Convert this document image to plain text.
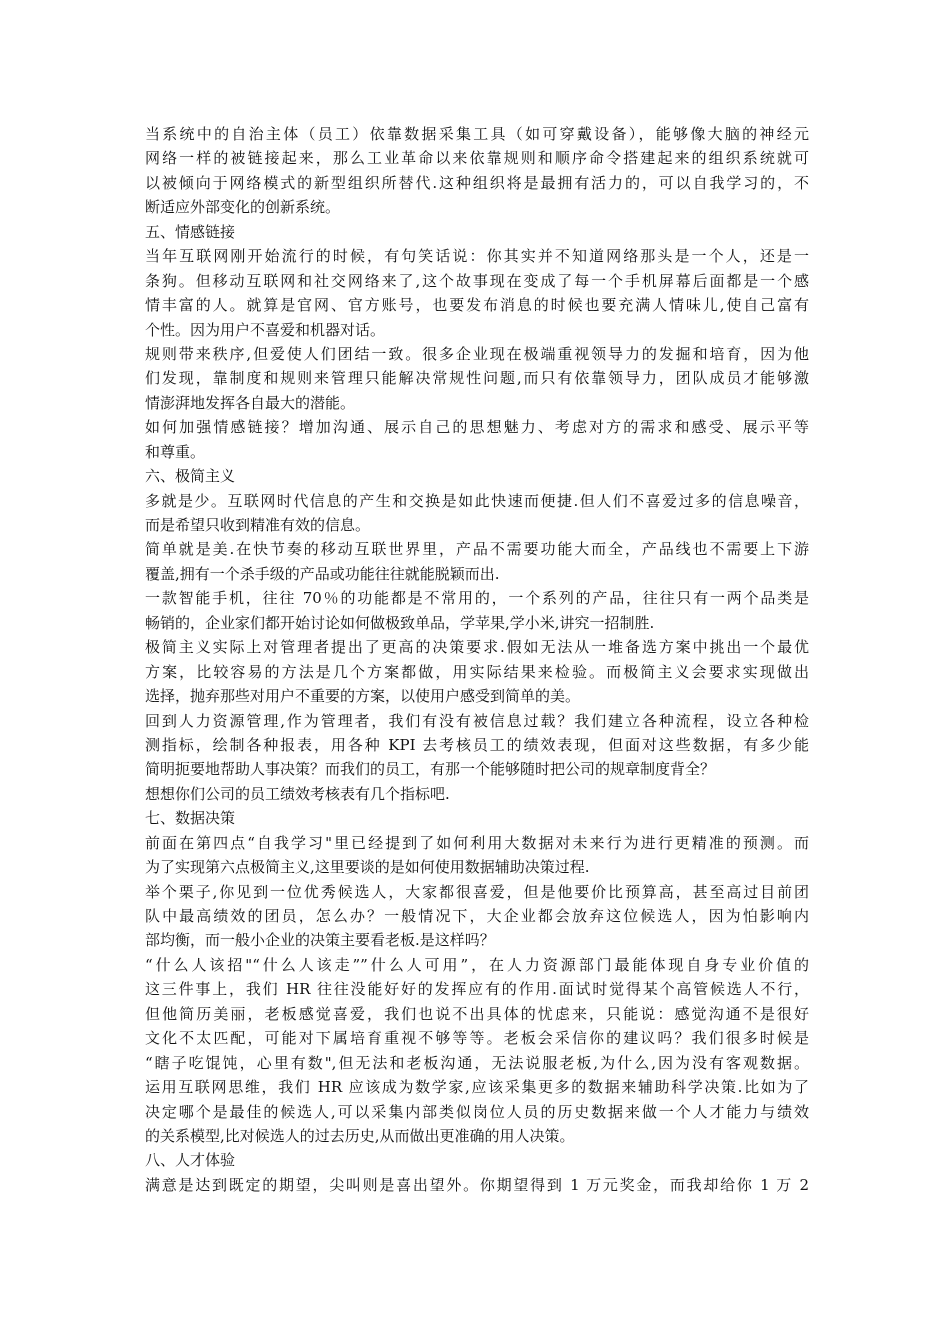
当系统中的自治主体（员工）依靠数据采集工具（如可穿戴设备），能够像大脑的神经元
网络一样的被链接起来，那么工业革命以来依靠规则和顺序命令搭建起来的组织系统就可
以被倾向于网络模式的新型组织所替代.这种组织将是最拥有活力的，可以自我学习的，不
断适应外部变化的创新系统。
五、情感链接
当年互联网刚开始流行的时候，有句笑话说：你其实并不知道网络那头是一个人，还是一
条狗。但移动互联网和社交网络来了,这个故事现在变成了每一个手机屏幕后面都是一个感
情丰富的人。就算是官网、官方账号，也要发布消息的时候也要充满人情味儿,使自己富有
个性。因为用户不喜爱和机器对话。
规则带来秩序,但爱使人们团结一致。很多企业现在极端重视领导力的发掘和培育，因为他
们发现，靠制度和规则来管理只能解决常规性问题,而只有依靠领导力，团队成员才能够激
情澎湃地发挥各自最大的潜能。
如何加强情感链接？增加沟通、展示自己的思想魅力、考虑对方的需求和感受、展示平等
和尊重。
六、极简主义
多就是少。互联网时代信息的产生和交换是如此快速而便捷.但人们不喜爱过多的信息噪音，
而是希望只收到精准有效的信息。
简单就是美.在快节奏的移动互联世界里，产品不需要功能大而全，产品线也不需要上下游
覆盖,拥有一个杀手级的产品或功能往往就能脱颖而出.
一款智能手机，往往 70％的功能都是不常用的，一个系列的产品，往往只有一两个品类是
畅销的，企业家们都开始讨论如何做极致单品，学苹果,学小米,讲究一招制胜.
极简主义实际上对管理者提出了更高的决策要求.假如无法从一堆备选方案中挑出一个最优
方案，比较容易的方法是几个方案都做，用实际结果来检验。而极简主义会要求实现做出
选择，抛弃那些对用户不重要的方案，以使用户感受到简单的美。
回到人力资源管理,作为管理者，我们有没有被信息过载？我们建立各种流程，设立各种检
测指标，绘制各种报表，用各种 KPI 去考核员工的绩效表现，但面对这些数据，有多少能
简明扼要地帮助人事决策？而我们的员工，有那一个能够随时把公司的规章制度背全？
想想你们公司的员工绩效考核表有几个指标吧.
七、数据决策
前面在第四点“自我学习"里已经提到了如何利用大数据对未来行为进行更精准的预测。而
为了实现第六点极简主义,这里要谈的是如何使用数据辅助决策过程.
举个栗子,你见到一位优秀候选人，大家都很喜爱，但是他要价比预算高，甚至高过目前团
队中最高绩效的团员，怎么办？一般情况下，大企业都会放弃这位候选人，因为怕影响内
部均衡，而一般小企业的决策主要看老板.是这样吗？
“什么人该招"“什么人该走””什么人可用”，在人力资源部门最能体现自身专业价值的
这三件事上，我们 HR 往往没能好好的发挥应有的作用.面试时觉得某个高管候选人不行，
但他简历美丽，老板感觉喜爱，我们也说不出具体的忧虑来，只能说：感觉沟通不是很好
文化不太匹配，可能对下属培育重视不够等等。老板会采信你的建议吗？我们很多时候是
“瞎子吃馄饨，心里有数",但无法和老板沟通，无法说服老板,为什么,因为没有客观数据。
运用互联网思维，我们 HR 应该成为数学家,应该采集更多的数据来辅助科学决策.比如为了
决定哪个是最佳的候选人,可以采集内部类似岗位人员的历史数据来做一个人才能力与绩效
的关系模型,比对候选人的过去历史,从而做出更准确的用人决策。
八、人才体验
满意是达到既定的期望，尖叫则是喜出望外。你期望得到 1 万元奖金，而我却给你 1 万 2
